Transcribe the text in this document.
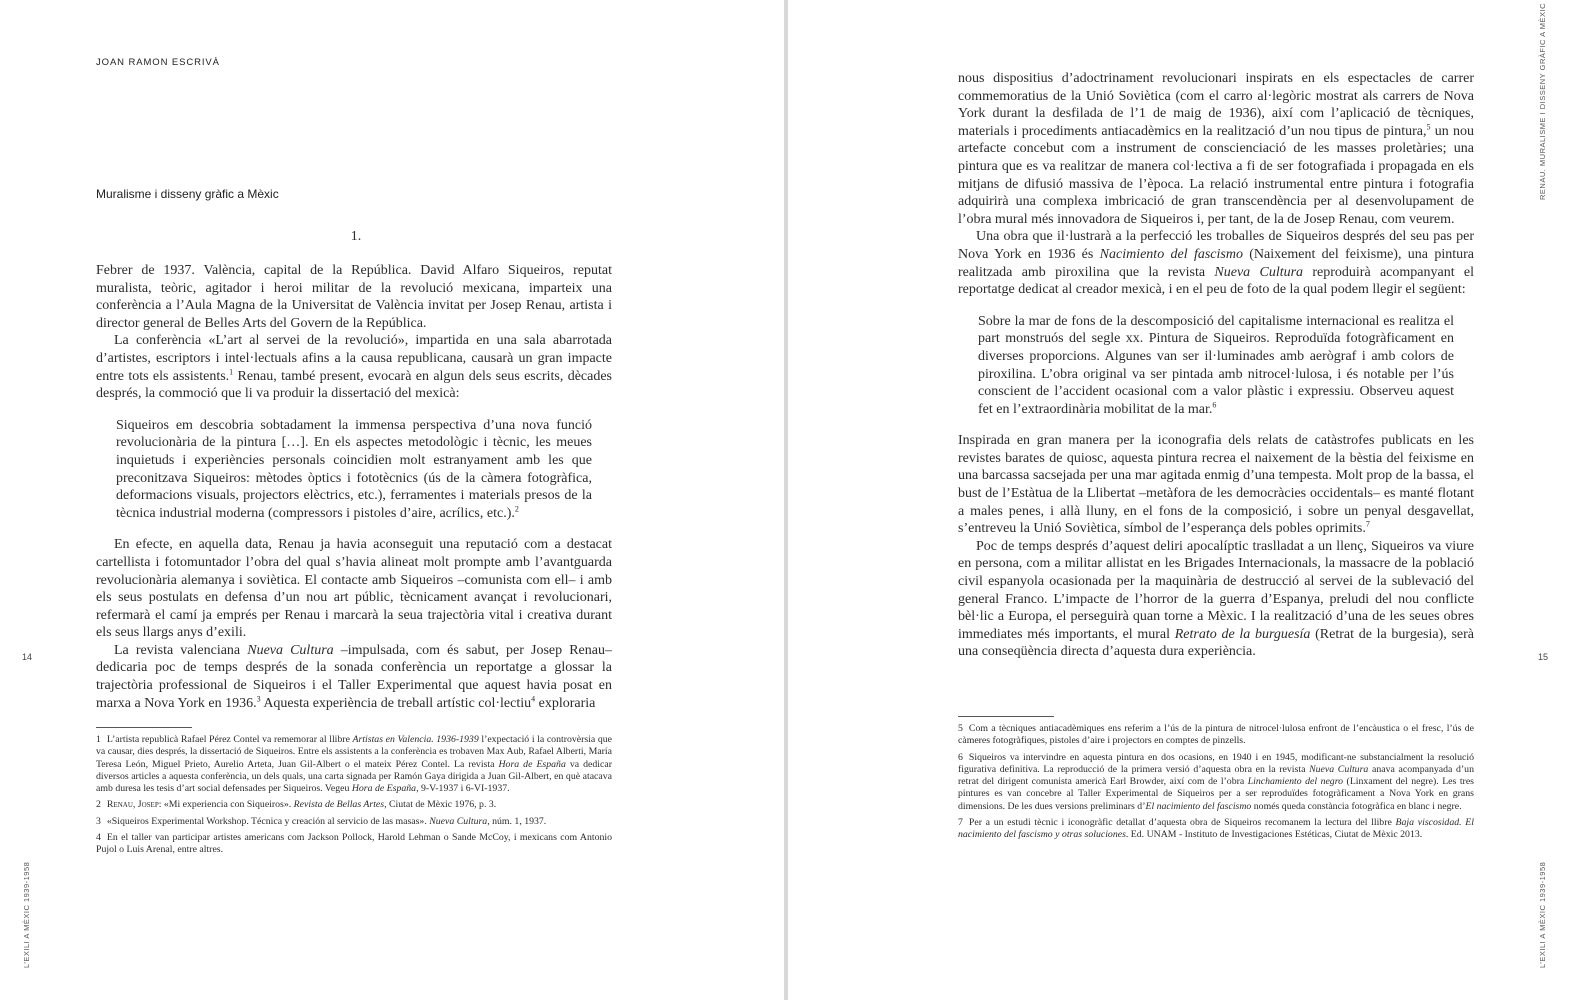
JOAN RAMON ESCRIVÀ
Muralisme i disseny gràfic a Mèxic
1.

Febrer de 1937. València, capital de la República. David Alfaro Siqueiros, reputat muralista, teòric, agitador i heroi militar de la revolució mexicana, imparteix una conferència a l’Aula Magna de la Universitat de València invitat per Josep Renau, artista i director general de Belles Arts del Govern de la República.

La conferència «L’art al servei de la revolució», impartida en una sala abarrotada d’artistes, escriptors i intel·lectuals afins a la causa republicana, causarà un gran impacte entre tots els assistents.$^1$ Renau, també present, evocarà en algun dels seus escrits, dècades després, la commoció que li va produir la dissertació del mexicà:

Siqueiros em descobria sobtadament la immensa perspectiva d’una nova funció revolucionària de la pintura […]. En els aspectes metodològic i tècnic, les meues inquietuds i experiències personals coincidien molt estranyament amb les que preconitzava Siqueiros: mètodes òptics i fototècnics (ús de la càmera fotogràfica, deformacions visuals, projectors elèctrics, etc.), ferramentes i materials presos de la tècnica industrial moderna (compressors i pistoles d’aire, acrílics, etc.).$^2$

En efecte, en aquella data, Renau ja havia aconseguit una reputació com a destacat cartellista i fotomuntador l’obra del qual s’havia alineat molt prompte amb l’avantguarda revolucionària alemanya i soviètica. El contacte amb Siqueiros –comunista com ell– i amb els seus postulats en defensa d’un nou art públic, tècnicament avançat i revolucionari, refermarà el camí ja emprés per Renau i marcarà la seua trajectòria vital i creativa durant els seus llargs anys d’exili.

La revista valenciana Nueva Cultura –impulsada, com és sabut, per Josep Renau– dedicaria poc de temps després de la sonada conferència un reportatge a glossar la trajectòria professional de Siqueiros i el Taller Experimental que aquest havia posat en marxa a Nova York en 1936.$^3$ Aquesta experiència de treball artístic col·lectiu$^4$ exploraria

1 L’artista republicà Rafael Pérez Contel va rememorar al llibre Artistas en Valencia. 1936-1939 l’expectació i la controvèrsia que va causar, dies després, la dissertació de Siqueiros. Entre els assistents a la conferència es trobaven Max Aub, Rafael Alberti, María Teresa León, Miguel Prieto, Aurelio Arteta, Juan Gil-Albert o el mateix Pérez Contel. La revista Hora de España va dedicar diversos articles a aquesta conferència, un dels quals, una carta signada per Ramón Gaya dirigida a Juan Gil-Albert, en què atacava amb duresa les tesis d’art social defensades per Siqueiros. Vegeu Hora de España, 9-V-1937 i 6-VI-1937.
2 Renau, Josep: «Mi experiencia con Siqueiros». Revista de Bellas Artes, Ciutat de Mèxic 1976, p. 3.
3 «Siqueiros Experimental Workshop. Técnica y creación al servicio de las masas». Nueva Cultura, núm. 1, 1937.
4 En el taller van participar artistes americans com Jackson Pollock, Harold Lehman o Sande McCoy, i mexicans com Antonio Pujol o Luis Arenal, entre altres.
14
L’EXILI A MÈXIC 1939-1958

nous dispositius d’adoctrinament revolucionari inspirats en els espectacles de carrer commemoratius de la Unió Soviètica (com el carro al·legòric mostrat als carrers de Nova York durant la desfilada de l’1 de maig de 1936), així com l’aplicació de tècniques, materials i procediments antiacadèmics en la realització d’un nou tipus de pintura,$^5$ un nou artefacte concebut com a instrument de conscienciació de les masses proletàries; una pintura que es va realitzar de manera col·lectiva a fi de ser fotografiada i propagada en els mitjans de difusió massiva de l’època. La relació instrumental entre pintura i fotografia adquirirà una complexa imbricació de gran transcendència per al desenvolupament de l’obra mural més innovadora de Siqueiros i, per tant, de la de Josep Renau, com veurem.

Una obra que il·lustrarà a la perfecció les troballes de Siqueiros després del seu pas per Nova York en 1936 és Nacimiento del fascismo (Naixement del feixisme), una pintura realitzada amb piroxilina que la revista Nueva Cultura reproduirà acompanyant el reportatge dedicat al creador mexicà, i en el peu de foto de la qual podem llegir el següent:

Sobre la mar de fons de la descomposició del capitalisme internacional es realitza el part monstruós del segle xx. Pintura de Siqueiros. Reproduïda fotogràficament en diverses proporcions. Algunes van ser il·luminades amb aerògraf i amb colors de piroxilina. L’obra original va ser pintada amb nitrocel·lulosa, i és notable per l’ús conscient de l’accident ocasional com a valor plàstic i expressiu. Observeu aquest fet en l’extraordinària mobilitat de la mar.$^6$

Inspirada en gran manera per la iconografia dels relats de catàstrofes publicats en les revistes barates de quiosc, aquesta pintura recrea el naixement de la bèstia del feixisme en una barcassa sacsejada per una mar agitada enmig d’una tempesta. Molt prop de la bassa, el bust de l’Estàtua de la Llibertat –metàfora de les democràcies occidentals– es manté flotant a males penes, i allà lluny, en el fons de la composició, i sobre un penyal desgavellat, s’entreveu la Unió Soviètica, símbol de l’esperança dels pobles oprimits.$^7$

Poc de temps després d’aquest deliri apocalíptic traslladat a un llenç, Siqueiros va viure en persona, com a militar allistat en les Brigades Internacionals, la massacre de la població civil espanyola ocasionada per la maquinària de destrucció al servei de la sublevació del general Franco. L’impacte de l’horror de la guerra d’Espanya, preludi del nou conflicte bèl·lic a Europa, el perseguirà quan torne a Mèxic. I la realització d’una de les seues obres immediates més importants, el mural Retrato de la burguesía (Retrat de la burgesia), serà una conseqüència directa d’aquesta dura experiència.

5 Com a tècniques antiacadèmiques ens referim a l’ús de la pintura de nitrocel·lulosa enfront de l’encàustica o el fresc, l’ús de càmeres fotogràfiques, pistoles d’aire i projectors en comptes de pinzells.
6 Siqueiros va intervindre en aquesta pintura en dos ocasions, en 1940 i en 1945, modificant-ne substancialment la resolució figurativa definitiva. La reproducció de la primera versió d’aquesta obra en la revista Nueva Cultura anava acompanyada d’un retrat del dirigent comunista americà Earl Browder, així com de l’obra Linchamiento del negro (Linxament del negre). Les tres pintures es van concebre al Taller Experimental de Siqueiros per a ser reproduïdes fotogràficament a Nova York en grans dimensions. De les dues versions preliminars d’El nacimiento del fascismo només queda constància fotogràfica en blanc i negre.
7 Per a un estudi tècnic i iconogràfic detallat d’aquesta obra de Siqueiros recomanem la lectura del llibre Baja viscosidad. El nacimiento del fascismo y otras soluciones. Ed. UNAM - Instituto de Investigaciones Estéticas, Ciutat de Mèxic 2013.
15
RENAU. MURALISME I DISSENY GRÀFIC A MÈXIC
L’EXILI A MÈXIC 1939-1958
